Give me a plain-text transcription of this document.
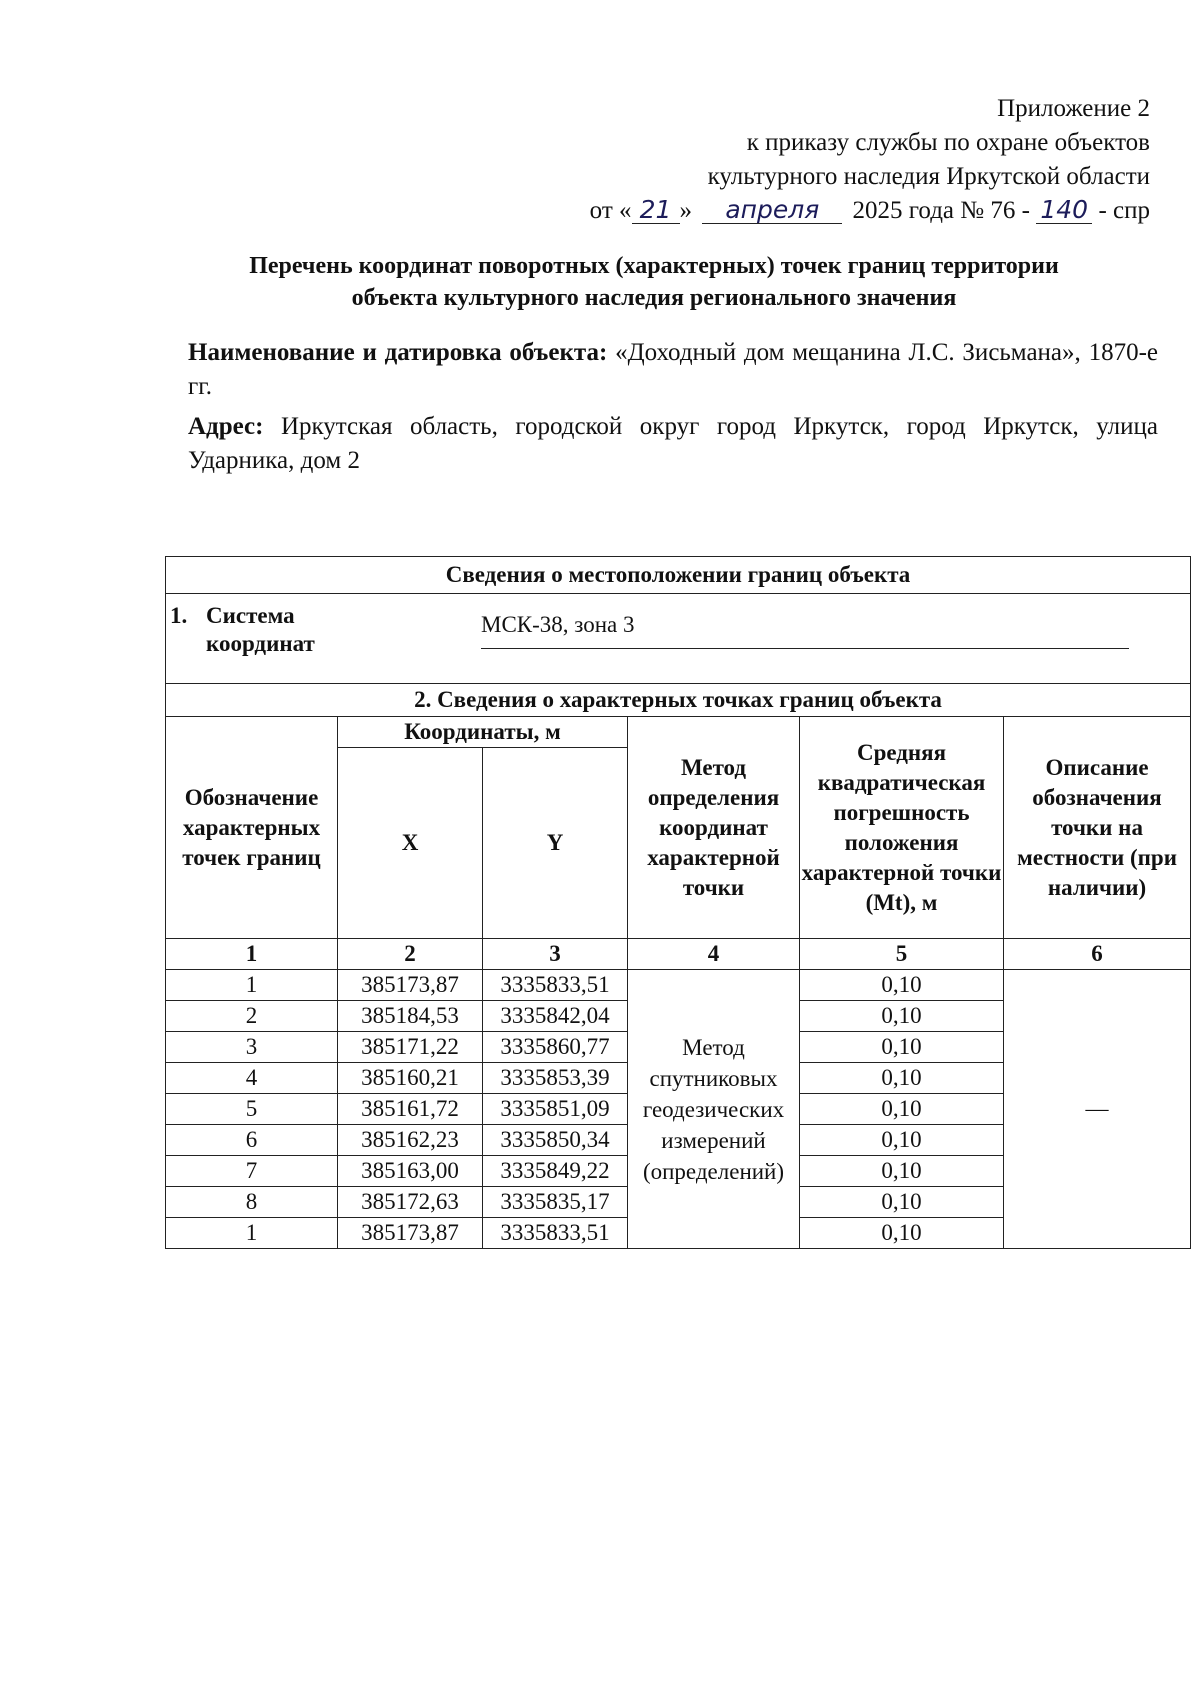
Приложение 2
к приказу службы по охране объектов
культурного наследия Иркутской области
от « 21 » апреля 2025 года № 76 - 140 - спр
Перечень координат поворотных (характерных) точек границ территории
объекта культурного наследия регионального значения

Наименование и датировка объекта: «Доходный дом мещанина Л.С. Зисьмана», 1870-е гг.

Адрес: Иркутская область, городской округ город Иркутск, город Иркутск, улица Ударника, дом 2

Сведения о местоположении границ объекта					

1. Система координат
МСК-38, зона 3					

2. Сведения о характерных точках границ объекта					
Обозначение характерных точек границ	Координаты, м		Метод определения координат характерной точки	Средняя квадратическая погрешность положения характерной точки (Mt), м	Описание обозначения точки на местности (при наличии)
	X	Y			
1	2	3	4	5	6
1	385173,87	3335833,51	Метод спутниковых геодезических измерений (определений)	0,10	—
2	385184,53	3335842,04		0,10	
3	385171,22	3335860,77		0,10	
4	385160,21	3335853,39		0,10	
5	385161,72	3335851,09		0,10	
6	385162,23	3335850,34		0,10	
7	385163,00	3335849,22		0,10	
8	385172,63	3335835,17		0,10	
1	385173,87	3335833,51		0,10	
